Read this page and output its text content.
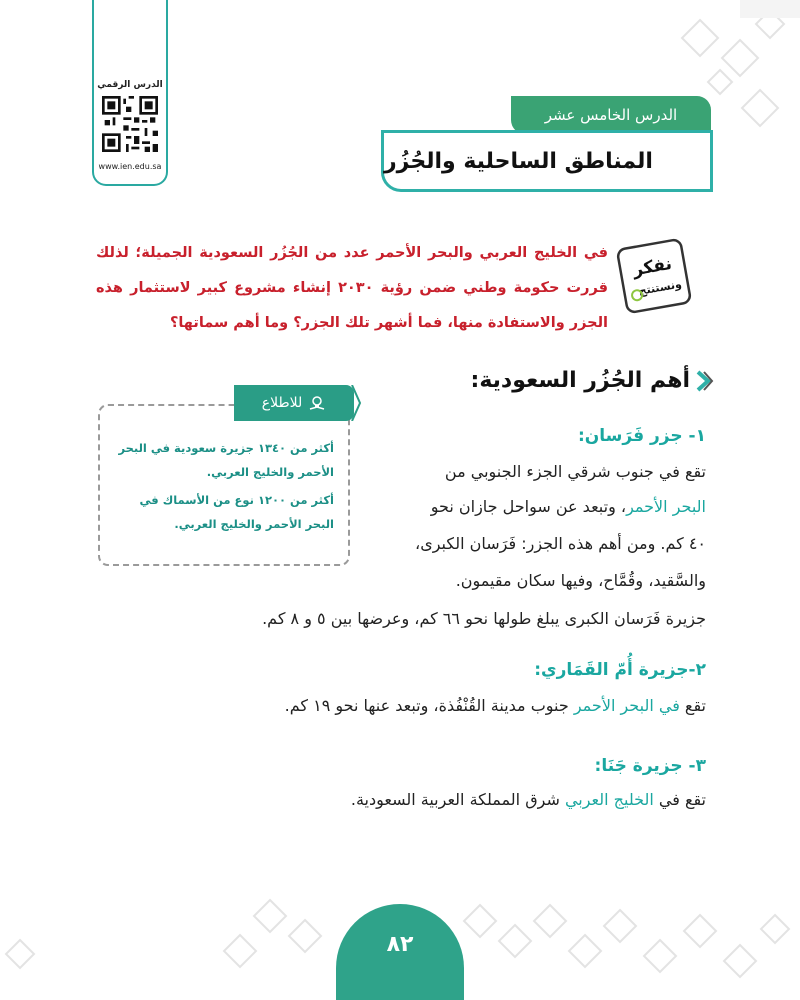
الدرس الرقمي
www.ien.edu.sa
الدرس الخامس عشر
المناطق الساحلية والجُزُر
نفكر
ونستنتج
في الخليج العربي والبحر الأحمر عدد من الجُزُر السعودية الجميلة؛ لذلك قررت حكومة وطني ضمن رؤية ٢٠٣٠ إنشاء مشروع كبير لاستثمار هذه الجزر والاستفادة منها، فما أشهر تلك الجزر؟ وما أهم سماتها؟
أهم الجُزُر السعودية:

أكثر من ١٣٤٠ جزيرة سعودية في البحر الأحمر والخليج العربي.

أكثر من ١٢٠٠ نوع من الأسماك في البحر الأحمر والخليج العربي.

للاطلاع
١- جزر فَرَسان:
تقع في جنوب شرقي الجزء الجنوبي من
البحر الأحمر، وتبعد عن سواحل جازان نحو
٤٠ كم. ومن أهم هذه الجزر: فَرَسان الكبرى،
والسَّقيد، وقُمَّاح، وفيها سكان مقيمون.
جزيرة فَرَسان الكبرى يبلغ طولها نحو ٦٦ كم، وعرضها بين ٥ و ٨ كم.
٢-جزيرة أُمّ القَمَاري:
تقع في البحر الأحمر جنوب مدينة القُنْفُذة، وتبعد عنها نحو ١٩ كم.
٣- جزيرة جَنَا:
تقع في الخليج العربي شرق المملكة العربية السعودية.
٨٢
